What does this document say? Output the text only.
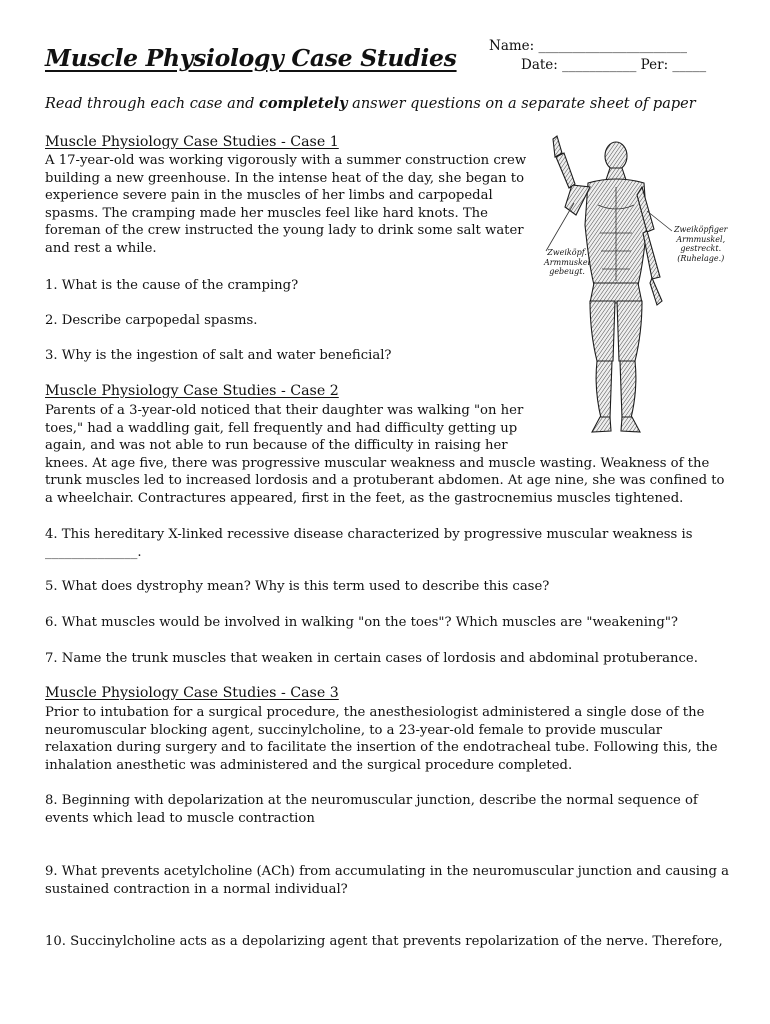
Muscle Physiology Case Studies Name: ______________________
Date: ___________ Per: _____
Read through each case and completely answer questions on a separate sheet of paper
Muscle Physiology Case Studies - Case 1

A 17-year-old was working vigorously with a summer construction crew
building a new greenhouse. In the intense heat of the day, she began to
experience severe pain in the muscles of her limbs and carpopedal
spasms. The cramping made her muscles feel like hard knots. The
foreman of the crew instructed the young lady to drink some salt water
and rest a while.

1. What is the cause of the cramping?

2. Describe carpopedal spasms.

3. Why is the ingestion of salt and water beneficial?

Zweiköpf.
Armmuskel
gebeugt.
Zweiköpfiger
Armmuskel,
gestreckt.
(Ruhelage.)
Muscle Physiology Case Studies - Case 2

Parents of a 3-year-old noticed that their daughter was walking "on her
toes," had a waddling gait, fell frequently and had difficulty getting up
again, and was not able to run because of the difficulty in raising her
knees. At age five, there was progressive muscular weakness and muscle wasting. Weakness of the
trunk muscles led to increased lordosis and a protuberant abdomen. At age nine, she was confined to
a wheelchair. Contractures appeared, first in the feet, as the gastrocnemius muscles tightened.

4. This hereditary X-linked recessive disease characterized by progressive muscular weakness is
______________.

5. What does dystrophy mean? Why is this term used to describe this case?

6. What muscles would be involved in walking "on the toes"? Which muscles are "weakening"?

7. Name the trunk muscles that weaken in certain cases of lordosis and abdominal protuberance.

Muscle Physiology Case Studies - Case 3

Prior to intubation for a surgical procedure, the anesthesiologist administered a single dose of the
neuromuscular blocking agent, succinylcholine, to a 23-year-old female to provide muscular
relaxation during surgery and to facilitate the insertion of the endotracheal tube. Following this, the
inhalation anesthetic was administered and the surgical procedure completed.

8. Beginning with depolarization at the neuromuscular junction, describe the normal sequence of
events which lead to muscle contraction

9. What prevents acetylcholine (ACh) from accumulating in the neuromuscular junction and causing a
sustained contraction in a normal individual?

10. Succinylcholine acts as a depolarizing agent that prevents repolarization of the nerve. Therefore,
